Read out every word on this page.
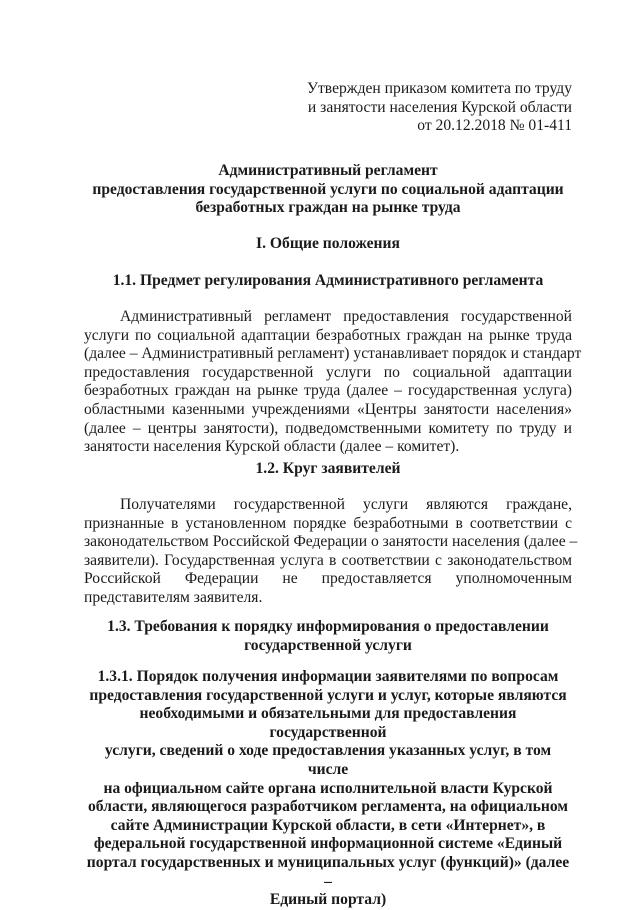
Утвержден приказом комитета по труду
и занятости населения Курской области
от 20.12.2018 № 01-411
Административный регламент
предоставления государственной услуги по социальной адаптации
безработных граждан на рынке труда
I. Общие положения
1.1. Предмет регулирования Административного регламента
Административный регламент предоставления государственной
услуги по социальной адаптации безработных граждан на рынке труда
(далее – Административный регламент) устанавливает порядок и стандарт
предоставления государственной услуги по социальной адаптации
безработных граждан на рынке труда (далее – государственная услуга)
областными казенными учреждениями «Центры занятости населения»
(далее – центры занятости), подведомственными комитету по труду и
занятости населения Курской области (далее – комитет).
1.2. Круг заявителей
Получателями государственной услуги являются граждане,
признанные в установленном порядке безработными в соответствии с
законодательством Российской Федерации о занятости населения (далее –
заявители). Государственная услуга в соответствии с законодательством
Российской Федерации не предоставляется уполномоченным
представителям заявителя.
1.3. Требования к порядку информирования о предоставлении
государственной услуги
1.3.1. Порядок получения информации заявителями по вопросам
предоставления государственной услуги и услуг, которые являются
необходимыми и обязательными для предоставления государственной
услуги, сведений о ходе предоставления указанных услуг, в том числе
на официальном сайте органа исполнительной власти Курской
области, являющегося разработчиком регламента, на официальном
сайте Администрации Курской области, в сети «Интернет», в
федеральной государственной информационной системе «Единый
портал государственных и муниципальных услуг (функций)» (далее –
Единый портал)
